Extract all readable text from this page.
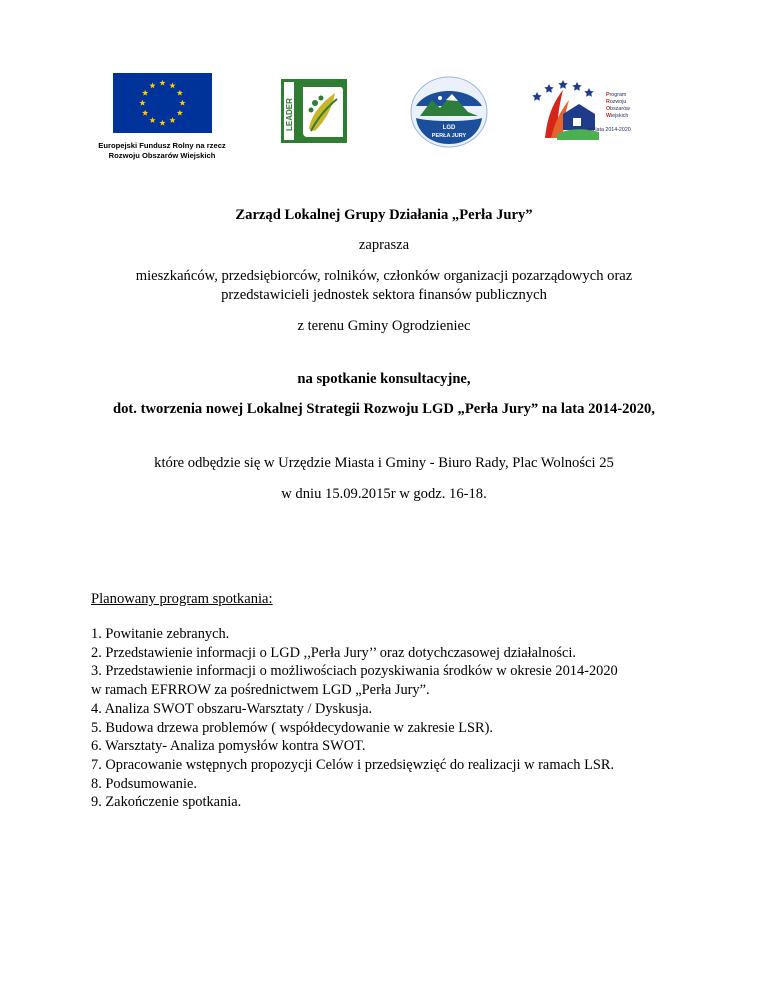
Europejski Fundusz Rolny na rzecz
Rozwoju Obszarów Wiejskich
LEADER	LGD
PERŁA JURY
Program
Rozwoju
Obszarów
Wiejskich
na lata 2014-2020
Zarząd Lokalnej Grupy Działania „Perła Jury”
zaprasza
mieszkańców, przedsiębiorców, rolników, członków organizacji pozarządowych oraz
przedstawicieli jednostek sektora finansów publicznych
z terenu Gminy Ogrodzieniec
na spotkanie konsultacyjne,
dot. tworzenia nowej Lokalnej Strategii Rozwoju LGD „Perła Jury” na lata 2014-2020,
które odbędzie się w Urzędzie Miasta i Gminy - Biuro Rady, Plac Wolności 25
w dniu 15.09.2015r w godz. 16-18.
Planowany program spotkania:
1. Powitanie zebranych.
2. Przedstawienie informacji o LGD ,,Perła Jury’’ oraz dotychczasowej działalności.
3. Przedstawienie informacji o możliwościach pozyskiwania środków w okresie 2014-2020
w ramach EFRROW za pośrednictwem LGD „Perła Jury”.
4. Analiza SWOT obszaru-Warsztaty / Dyskusja.
5. Budowa drzewa problemów ( współdecydowanie w zakresie LSR).
6. Warsztaty- Analiza pomysłów kontra SWOT.
7. Opracowanie wstępnych propozycji Celów i przedsięwzięć do realizacji w ramach LSR.
8. Podsumowanie.
9. Zakończenie spotkania.
